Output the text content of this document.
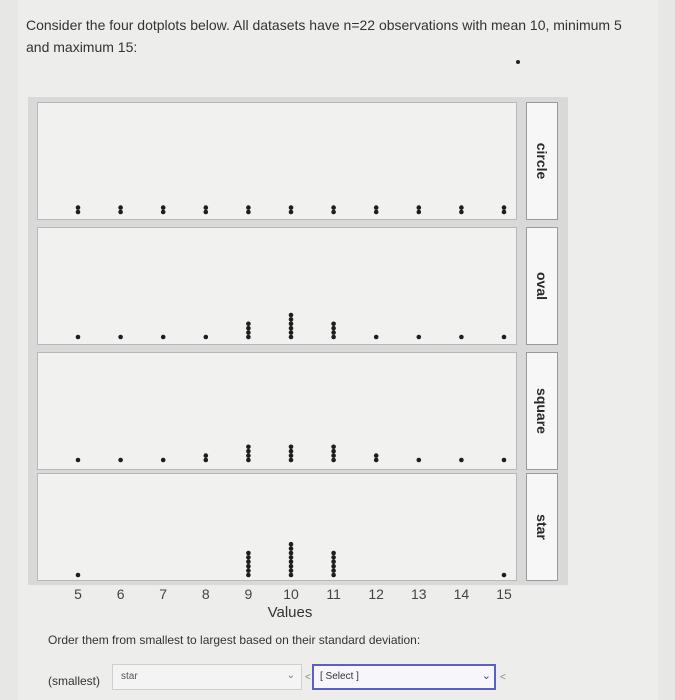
Consider the four dotplots below. All datasets have n=22 observations with mean 10, minimum 5 and maximum 15:
circle
oval
square
star
5 6 7 8 9 10 11 12 13 14 15
Values
Order them from smallest to largest based on their standard deviation:
(smallest) star	⌄ < [ Select ]	⌄ <
